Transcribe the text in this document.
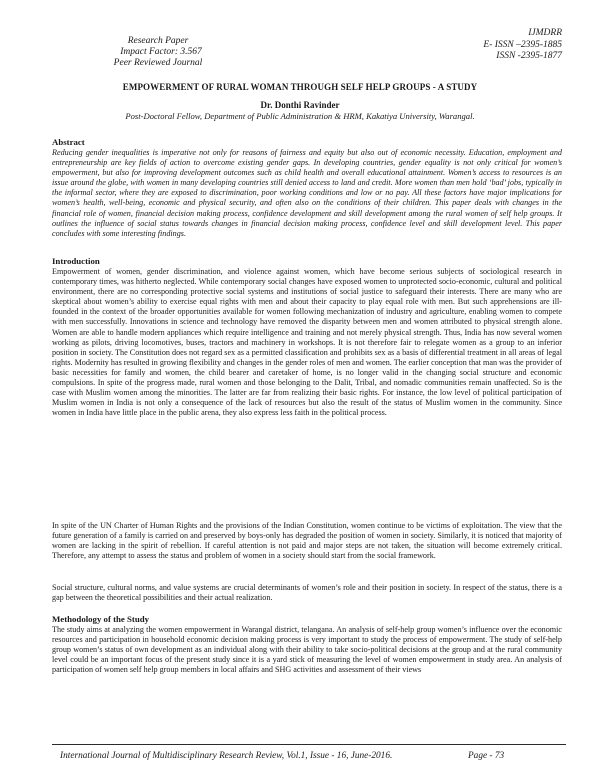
Research Paper
Impact Factor: 3.567
Peer Reviewed Journal
IJMDRR
E- ISSN –2395-1885
ISSN -2395-1877
EMPOWERMENT OF RURAL WOMAN THROUGH SELF HELP GROUPS - A STUDY
Dr. Donthi Ravinder
Post-Doctoral Fellow, Department of Public Administration & HRM, Kakatiya University, Warangal.
Abstract

Reducing gender inequalities is imperative not only for reasons of fairness and equity but also out of economic necessity. Education, employment and entrepreneurship are key fields of action to overcome existing gender gaps. In developing countries, gender equality is not only critical for women’s empowerment, but also for improving development outcomes such as child health and overall educational attainment. Women’s access to resources is an issue around the globe, with women in many developing countries still denied access to land and credit. More women than men hold ‘bad’ jobs, typically in the informal sector, where they are exposed to discrimination, poor working conditions and low or no pay. All these factors have major implications for women’s health, well-being, economic and physical security, and often also on the conditions of their children. This paper deals with changes in the financial role of women, financial decision making process, confidence development and skill development among the rural women of self help groups. It outlines the influence of social status towards changes in financial decision making process, confidence level and skill development level. This paper concludes with some interesting findings.

Introduction

Empowerment of women, gender discrimination, and violence against women, which have become serious subjects of sociological research in contemporary times, was hitherto neglected. While contemporary social changes have exposed women to unprotected socio-economic, cultural and political environment, there are no corresponding protective social systems and institutions of social justice to safeguard their interests. There are many who are skeptical about women’s ability to exercise equal rights with men and about their capacity to play equal role with men. But such apprehensions are ill-founded in the context of the broader opportunities available for women following mechanization of industry and agriculture, enabling women to compete with men successfully. Innovations in science and technology have removed the disparity between men and women attributed to physical strength alone. Women are able to handle modern appliances which require intelligence and training and not merely physical strength. Thus, India has now several women working as pilots, driving locomotives, buses, tractors and machinery in workshops. It is not therefore fair to relegate women as a group to an inferior position in society. The Constitution does not regard sex as a permitted classification and prohibits sex as a basis of differential treatment in all areas of legal rights. Modernity has resulted in growing flexibility and changes in the gender roles of men and women. The earlier conception that man was the provider of basic necessities for family and women, the child bearer and caretaker of home, is no longer valid in the changing social structure and economic compulsions. In spite of the progress made, rural women and those belonging to the Dalit, Tribal, and nomadic communities remain unaffected. So is the case with Muslim women among the minorities. The latter are far from realizing their basic rights. For instance, the low level of political participation of Muslim women in India is not only a consequence of the lack of resources but also the result of the status of Muslim women in the community. Since women in India have little place in the public arena, they also express less faith in the political process.

In spite of the UN Charter of Human Rights and the provisions of the Indian Constitution, women continue to be victims of exploitation. The view that the future generation of a family is carried on and preserved by boys-only has degraded the position of women in society. Similarly, it is noticed that majority of women are lacking in the spirit of rebellion. If careful attention is not paid and major steps are not taken, the situation will become extremely critical. Therefore, any attempt to assess the status and problem of women in a society should start from the social framework.

Social structure, cultural norms, and value systems are crucial determinants of women’s role and their position in society. In respect of the status, there is a gap between the theoretical possibilities and their actual realization.

Methodology of the Study

The study aims at analyzing the women empowerment in Warangal district, telangana. An analysis of self-help group women’s influence over the economic resources and participation in household economic decision making process is very important to study the process of empowerment. The study of self-help group women’s status of own development as an individual along with their ability to take socio-political decisions at the group and at the rural community level could be an important focus of the present study since it is a yard stick of measuring the level of women empowerment in study area. An analysis of participation of women self help group members in local affairs and SHG activities and assessment of their views

International Journal of Multidisciplinary Research Review, Vol.1, Issue - 16, June-2016.	Page - 73
